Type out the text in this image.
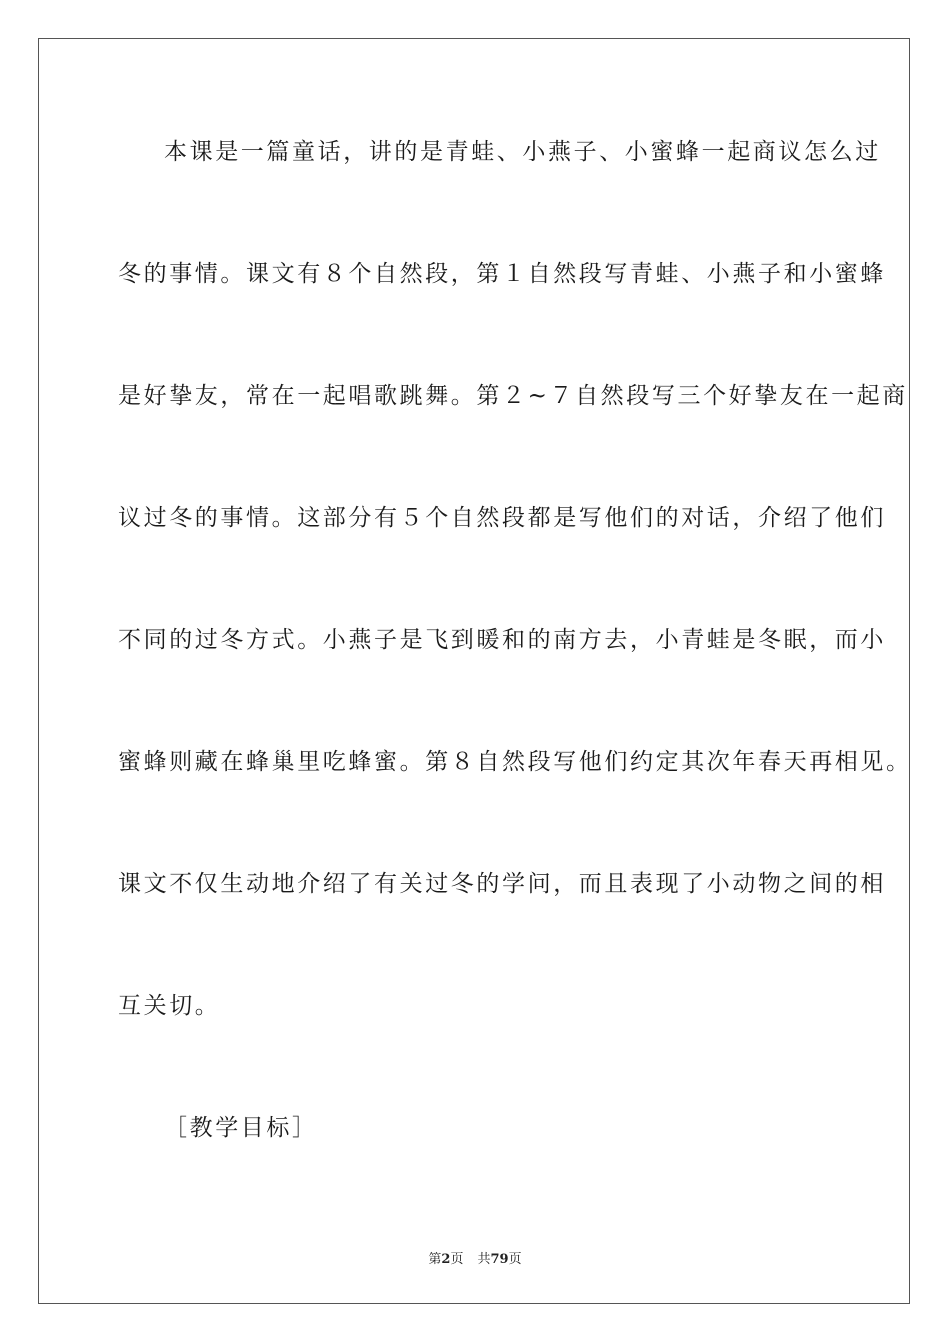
本课是一篇童话，讲的是青蛙、小燕子、小蜜蜂一起商议怎么过
冬的事情。课文有８个自然段，第１自然段写青蛙、小燕子和小蜜蜂
是好挚友，常在一起唱歌跳舞。第２~７自然段写三个好挚友在一起商
议过冬的事情。这部分有５个自然段都是写他们的对话，介绍了他们
不同的过冬方式。小燕子是飞到暖和的南方去，小青蛙是冬眠，而小
蜜蜂则藏在蜂巢里吃蜂蜜。第８自然段写他们约定其次年春天再相见。
课文不仅生动地介绍了有关过冬的学问，而且表现了小动物之间的相
互关切。
［教学目标］
第2页 共79页
